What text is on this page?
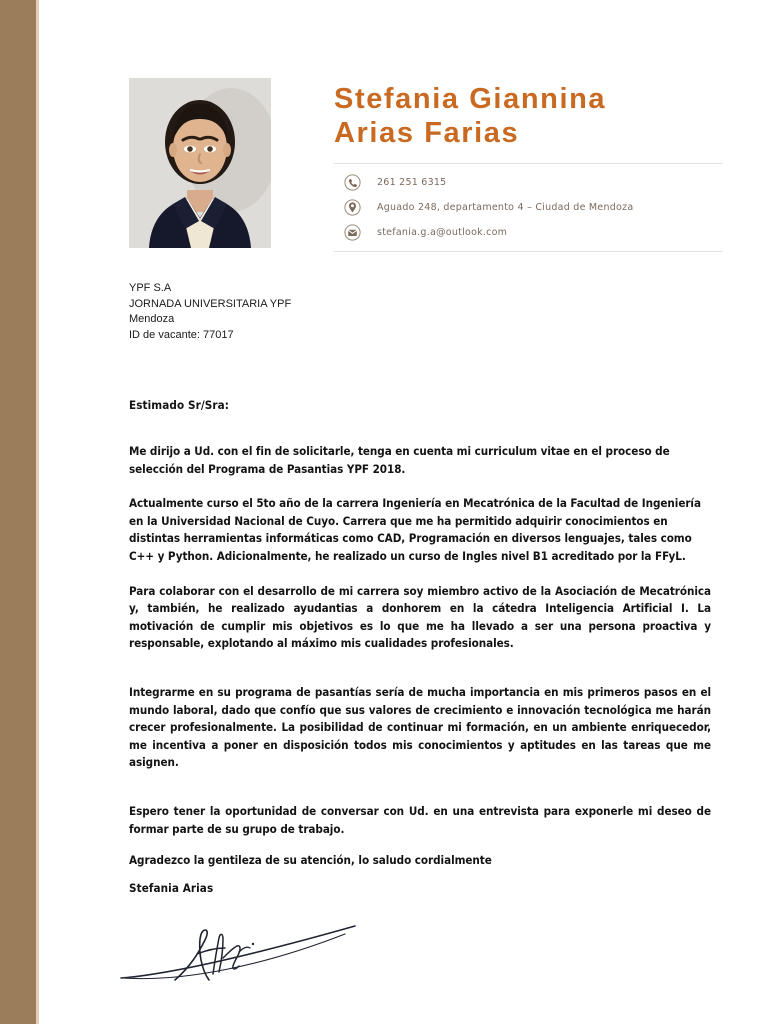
Stefania Giannina
Arias Farias
261 251 6315
Aguado 248, departamento 4 – Ciudad de Mendoza
stefania.g.a@outlook.com
YPF S.A
JORNADA UNIVERSITARIA YPF
Mendoza
ID de vacante: 77017

Estimado Sr/Sra:

Me dirijo a Ud. con el fin de solicitarle, tenga en cuenta mi curriculum vitae en el proceso de selección del Programa de Pasantias YPF 2018.

Actualmente curso el 5to año de la carrera Ingeniería en Mecatrónica de la Facultad de Ingeniería en la Universidad Nacional de Cuyo. Carrera que me ha permitido adquirir conocimientos en distintas herramientas informáticas como CAD, Programación en diversos lenguajes, tales como C++ y Python. Adicionalmente, he realizado un curso de Ingles nivel B1 acreditado por la FFyL.

Para colaborar con el desarrollo de mi carrera soy miembro activo de la Asociación de Mecatrónica y, también, he realizado ayudantias a donhorem en la cátedra Inteligencia Artificial I. La motivación de cumplir mis objetivos es lo que me ha llevado a ser una persona proactiva y responsable, explotando al máximo mis cualidades profesionales.

Integrarme en su programa de pasantías sería de mucha importancia en mis primeros pasos en el mundo laboral, dado que confío que sus valores de crecimiento e innovación tecnológica me harán crecer profesionalmente. La posibilidad de continuar mi formación, en un ambiente enriquecedor, me incentiva a poner en disposición todos mis conocimientos y aptitudes en las tareas que me asignen.

Espero tener la oportunidad de conversar con Ud. en una entrevista para exponerle mi deseo de formar parte de su grupo de trabajo.

Agradezco la gentileza de su atención, lo saludo cordialmente

Stefania Arias
